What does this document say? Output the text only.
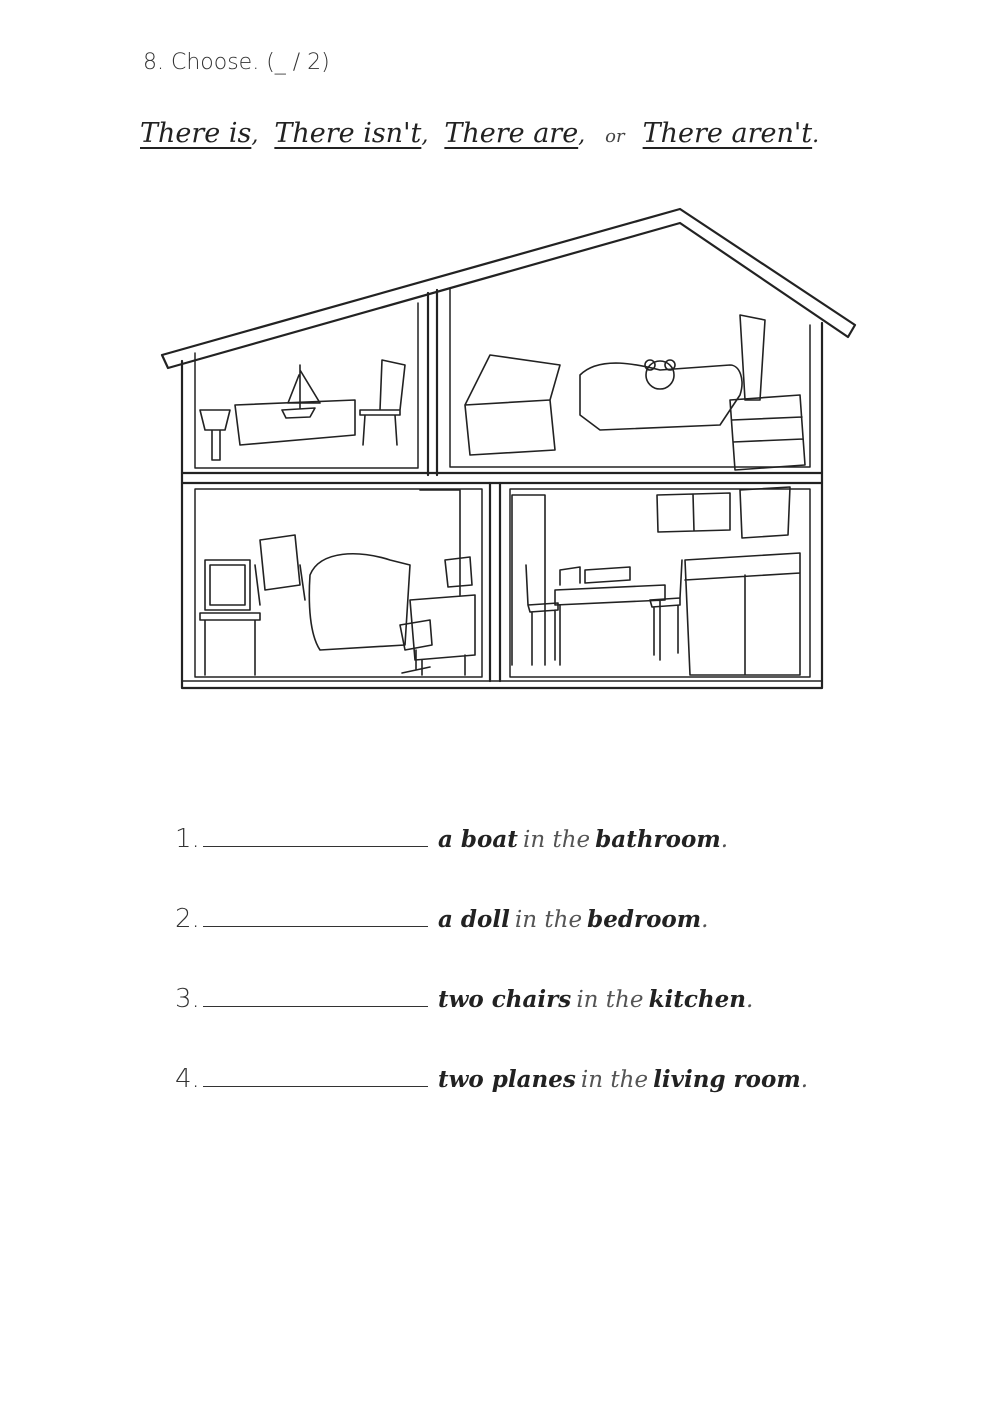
8. Choose. (_ / 2)
There is , There isn't , There are , or There aren't .
1.	a boat
in the
bathroom .
2.	a doll
in the
bedroom .
3.	two chairs
in the
kitchen .
4.	two planes
in the
living room .
